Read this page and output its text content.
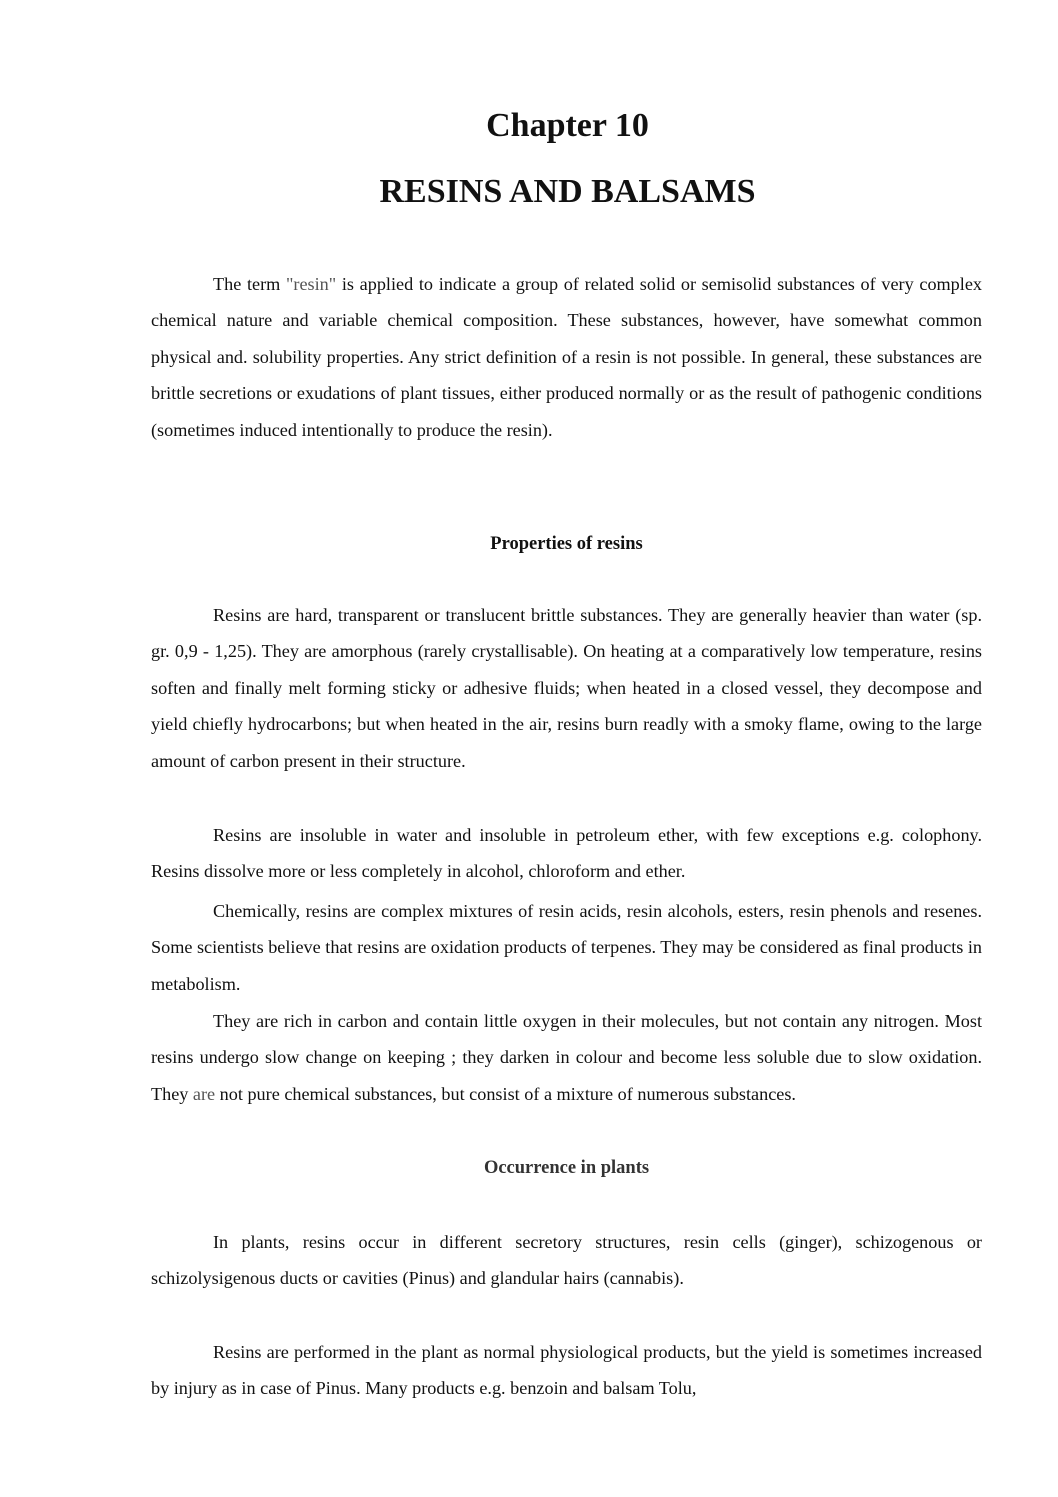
Chapter 10
RESINS AND BALSAMS

The term "resin" is applied to indicate a group of related solid or semisolid substances of very complex chemical nature and variable chemical composition. These substances, however, have somewhat common physical and. solubility properties. Any strict definition of a resin is not possible. In general, these substances are brittle secretions or exudations of plant tissues, either produced normally or as the result of pathogenic conditions (sometimes induced intentionally to produce the resin).

Properties of resins

Resins are hard, transparent or translucent brittle substances. They are generally heavier than water (sp. gr. 0,9 - 1,25). They are amorphous (rarely crystallisable). On heating at a comparatively low temperature, resins soften and finally melt forming sticky or adhesive fluids; when heated in a closed vessel, they decompose and yield chiefly hydrocarbons; but when heated in the air, resins burn readly with a smoky flame, owing to the large amount of carbon present in their structure.

Resins are insoluble in water and insoluble in petroleum ether, with few exceptions e.g. colophony. Resins dissolve more or less completely in alcohol, chloroform and ether.

Chemically, resins are complex mixtures of resin acids, resin alcohols, esters, resin phenols and resenes. Some scientists believe that resins are oxidation products of terpenes. They may be considered as final products in metabolism.

They are rich in carbon and contain little oxygen in their molecules, but not contain any nitrogen. Most resins undergo slow change on keeping ; they darken in colour and become less soluble due to slow oxidation. They are not pure chemical substances, but consist of a mixture of numerous substances.

Occurrence in plants

In plants, resins occur in different secretory structures, resin cells (ginger), schizogenous or schizolysigenous ducts or cavities (Pinus) and glandular hairs (cannabis).

Resins are performed in the plant as normal physiological products, but the yield is sometimes increased by injury as in case of Pinus. Many products e.g. benzoin and balsam Tolu,
